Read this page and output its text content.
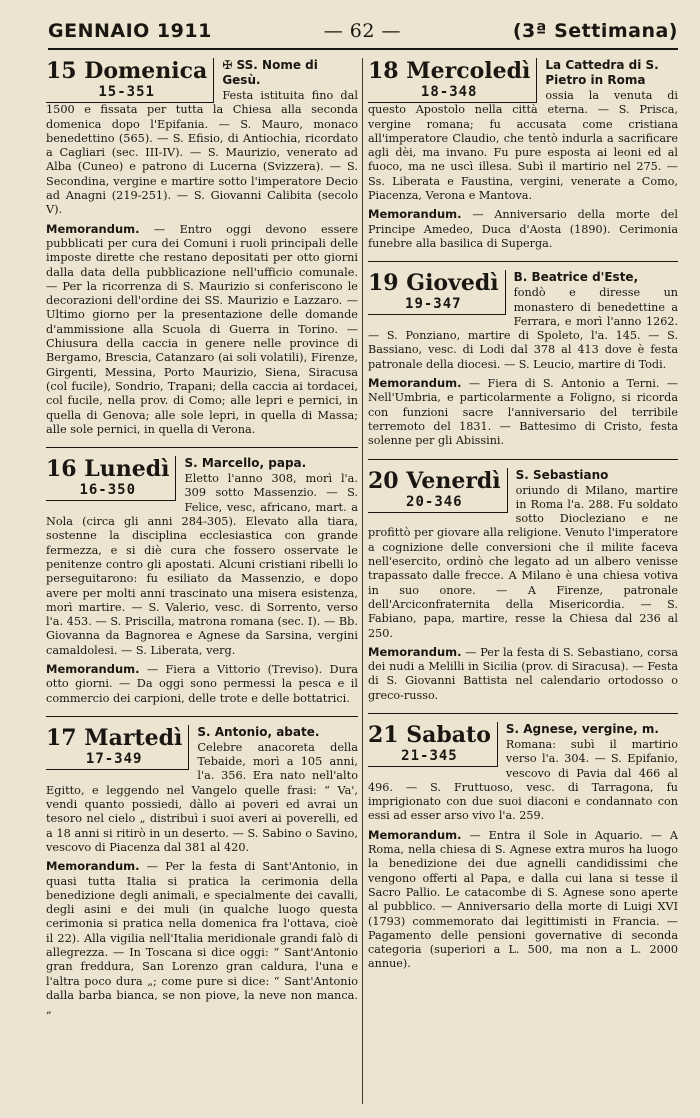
GENNAIO 1911	— 62 —	(3ª Settimana)
15 Domenica
15-351
✠ SS. Nome di Gesù.

Festa istituita fino dal 1500 e fissata per tutta la Chiesa alla seconda domenica dopo l'Epifania. — S. Mauro, monaco benedettino (565). — S. Efisio, di Antiochia, ricordato a Cagliari (sec. III-IV). — S. Maurizio, venerato ad Alba (Cuneo) e patrono di Lucerna (Svizzera). — S. Secondina, vergine e martire sotto l'imperatore Decio ad Anagni (219-251). — S. Giovanni Calibita (secolo V).

Memorandum. — Entro oggi devono essere pubblicati per cura dei Comuni i ruoli principali delle imposte dirette che restano depositati per otto giorni dalla data della pubblicazione nell'ufficio comunale. — Per la ricorrenza di S. Maurizio si conferiscono le decorazioni dell'ordine dei SS. Maurizio e Lazzaro. — Ultimo giorno per la presentazione delle domande d'ammissione alla Scuola di Guerra in Torino. — Chiusura della caccia in genere nelle province di Bergamo, Brescia, Catanzaro (ai soli volatili), Firenze, Girgenti, Messina, Porto Maurizio, Siena, Siracusa (col fucile), Sondrio, Trapani; della caccia ai tordacei, col fucile, nella prov. di Como; alle lepri e pernici, in quella di Genova; alle sole lepri, in quella di Massa; alle sole pernici, in quella di Verona.

16 Lunedì
16-350
S. Marcello, papa.

Eletto l'anno 308, morì l'a. 309 sotto Massenzio. — S. Felice, vesc, africano, mart. a Nola (circa gli anni 284-305). Elevato alla tiara, sostenne la disciplina ecclesiastica con grande fermezza, e si diè cura che fossero osservate le penitenze contro gli apostati. Alcuni cristiani ribelli lo perseguitarono: fu esiliato da Massenzio, e dopo avere per molti anni trascinato una misera esistenza, morì martire. — S. Valerio, vesc. di Sorrento, verso l'a. 453. — S. Priscilla, matrona romana (sec. I). — Bb. Giovanna da Bagnorea e Agnese da Sarsina, vergini camaldolesi. — S. Liberata, verg.

Memorandum. — Fiera a Vittorio (Treviso). Dura otto giorni. — Da oggi sono permessi la pesca e il commercio dei carpioni, delle trote e delle bottatrici.

17 Martedì
17-349
S. Antonio, abate.

Celebre anacoreta della Tebaide, morì a 105 anni, l'a. 356. Era nato nell'alto Egitto, e leggendo nel Vangelo quelle frasi: “ Va', vendi quanto possiedi, dàllo ai poveri ed avrai un tesoro nel cielo „ distribuì i suoi averi ai poverelli, ed a 18 anni si ritirò in un deserto. — S. Sabino o Savino, vescovo di Piacenza dal 381 al 420.

Memorandum. — Per la festa di Sant'Antonio, in quasi tutta Italia si pratica la cerimonia della benedizione degli animali, e specialmente dei cavalli, degli asini e dei muli (in qualche luogo questa cerimonia si pratica nella domenica fra l'ottava, cioè il 22). Alla vigilia nell'Italia meridionale grandi falò di allegrezza. — In Toscana si dice oggi: “ Sant'Antonio gran freddura, San Lorenzo gran caldura, l'una e l'altra poco dura „; come pure si dice: “ Sant'Antonio dalla barba bianca, se non piove, la neve non manca. „

18 Mercoledì
18-348
La Cattedra di S. Pietro in Roma

ossia la venuta di questo Apostolo nella città eterna. — S. Prisca, vergine romana; fu accusata come cristiana all'imperatore Claudio, che tentò indurla a sacrificare agli dèi, ma invano. Fu pure esposta ai leoni ed al fuoco, ma ne uscì illesa. Subì il martirio nel 275. — Ss. Liberata e Faustina, vergini, venerate a Como, Piacenza, Verona e Mantova.

Memorandum. — Anniversario della morte del Principe Amedeo, Duca d'Aosta (1890). Cerimonia funebre alla basilica di Superga.

19 Giovedì
19-347
B. Beatrice d'Este,

fondò e diresse un monastero di benedettine a Ferrara, e morì l'anno 1262. — S. Ponziano, martire di Spoleto, l'a. 145. — S. Bassiano, vesc. di Lodi dal 378 al 413 dove è festa patronale della diocesi. — S. Leucio, martire di Todi.

Memorandum. — Fiera di S. Antonio a Terni. — Nell'Umbria, e particolarmente a Foligno, si ricorda con funzioni sacre l'anniversario del terribile terremoto del 1831. — Battesimo di Cristo, festa solenne per gli Abissini.

20 Venerdì
20-346
S. Sebastiano

oriundo di Milano, martire in Roma l'a. 288. Fu soldato sotto Diocleziano e ne profittò per giovare alla religione. Venuto l'imperatore a cognizione delle conversioni che il milite faceva nell'esercito, ordinò che legato ad un albero venisse trapassato dalle frecce. A Milano è una chiesa votiva in suo onore. — A Firenze, patronale dell'Arciconfraternita della Misericordia. — S. Fabiano, papa, martire, resse la Chiesa dal 236 al 250.

Memorandum. — Per la festa di S. Sebastiano, corsa dei nudi a Melilli in Sicilia (prov. di Siracusa). — Festa di S. Giovanni Battista nel calendario ortodosso o greco-russo.

21 Sabato
21-345
S. Agnese, vergine, m.

Romana: subì il martirio verso l'a. 304. — S. Epifanio, vescovo di Pavia dal 466 al 496. — S. Fruttuoso, vesc. di Tarragona, fu imprigionato con due suoi diaconi e condannato con essi ad esser arso vivo l'a. 259.

Memorandum. — Entra il Sole in Aquario. — A Roma, nella chiesa di S. Agnese extra muros ha luogo la benedizione dei due agnelli candidissimi che vengono offerti al Papa, e dalla cui lana si tesse il Sacro Pallio. Le catacombe di S. Agnese sono aperte al pubblico. — Anniversario della morte di Luigi XVI (1793) commemorato dai legittimisti in Francia. — Pagamento delle pensioni governative di seconda categoria (superiori a L. 500, ma non a L. 2000 annue).
